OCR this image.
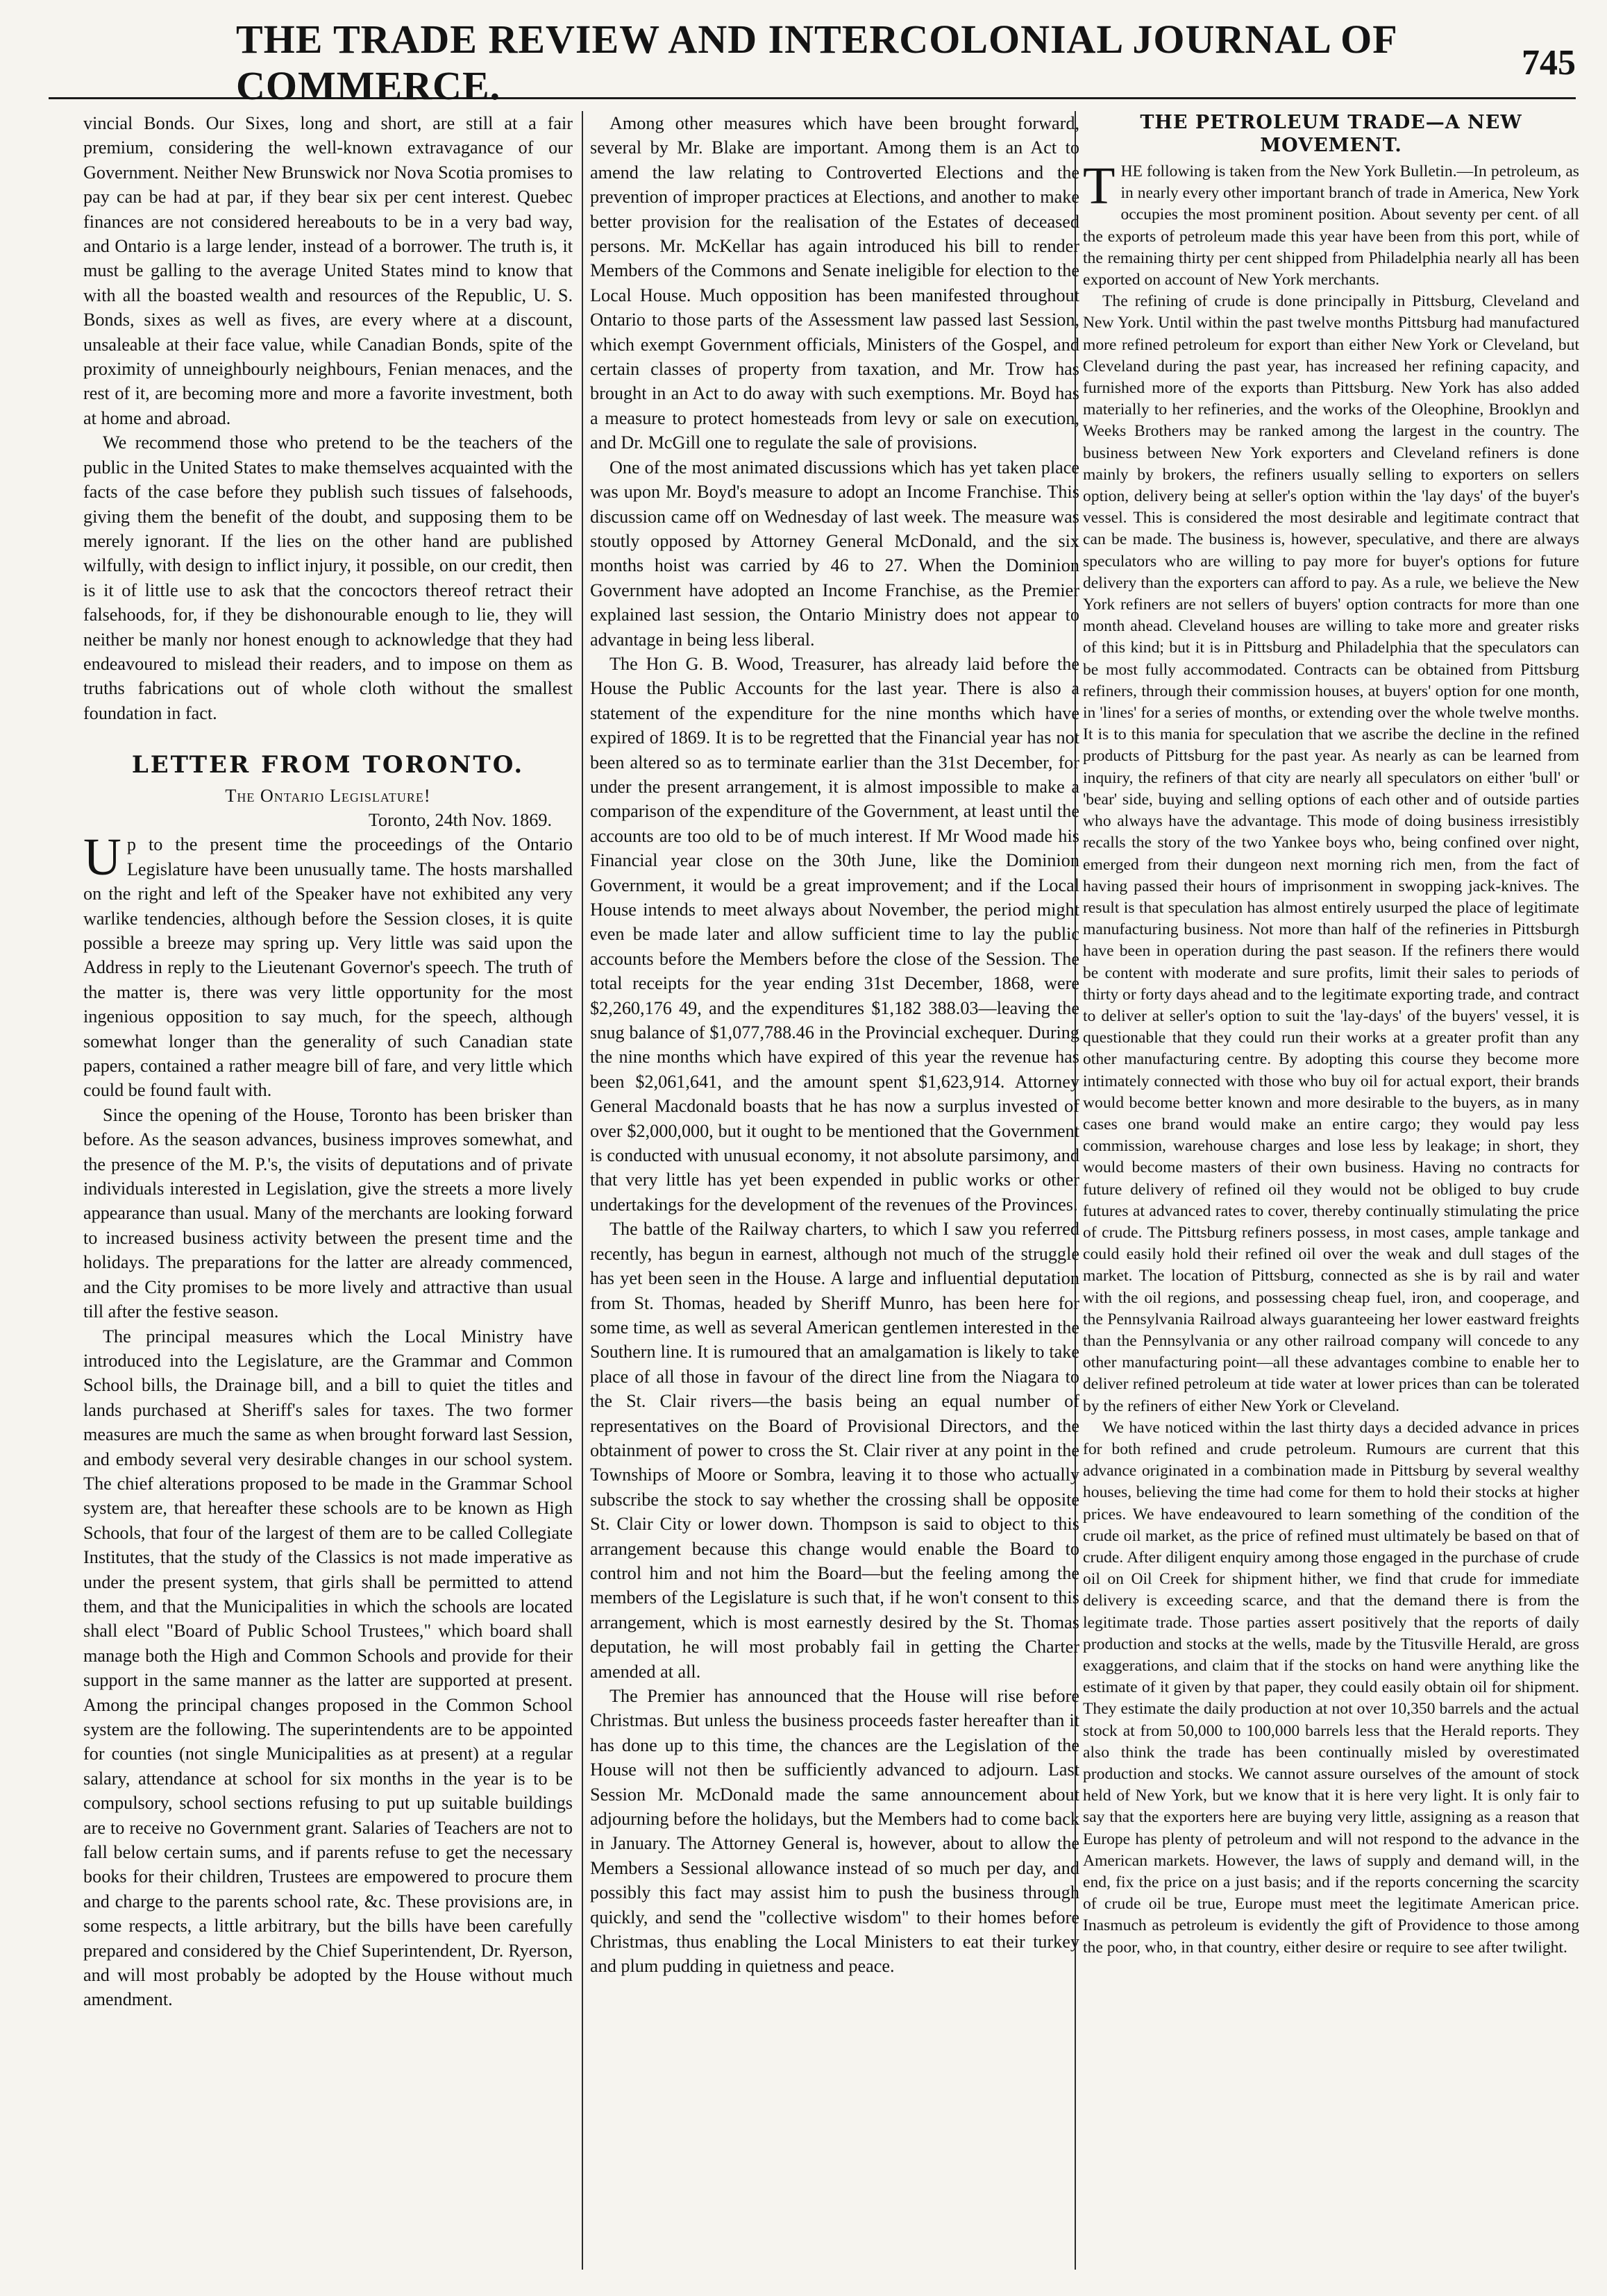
THE TRADE REVIEW AND INTERCOLONIAL JOURNAL OF COMMERCE.
745

vincial Bonds. Our Sixes, long and short, are still at a fair premium, considering the well-known extravagance of our Government. Neither New Brunswick nor Nova Scotia promises to pay can be had at par, if they bear six per cent interest. Quebec finances are not considered hereabouts to be in a very bad way, and Ontario is a large lender, instead of a borrower. The truth is, it must be galling to the average United States mind to know that with all the boasted wealth and resources of the Republic, U. S. Bonds, sixes as well as fives, are every where at a discount, unsaleable at their face value, while Canadian Bonds, spite of the proximity of unneighbourly neighbours, Fenian menaces, and the rest of it, are becoming more and more a favorite investment, both at home and abroad.

We recommend those who pretend to be the teachers of the public in the United States to make themselves acquainted with the facts of the case before they publish such tissues of falsehoods, giving them the benefit of the doubt, and supposing them to be merely ignorant. If the lies on the other hand are published wilfully, with design to inflict injury, it possible, on our credit, then is it of little use to ask that the concoctors thereof retract their falsehoods, for, if they be dishonourable enough to lie, they will neither be manly nor honest enough to acknowledge that they had endeavoured to mislead their readers, and to impose on them as truths fabrications out of whole cloth without the smallest foundation in fact.

LETTER FROM TORONTO.

The Ontario Legislature!

Toronto, 24th Nov. 1869.

Up to the present time the proceedings of the Ontario Legislature have been unusually tame. The hosts marshalled on the right and left of the Speaker have not exhibited any very warlike tendencies, although before the Session closes, it is quite possible a breeze may spring up. Very little was said upon the Address in reply to the Lieutenant Governor's speech. The truth of the matter is, there was very little opportunity for the most ingenious opposition to say much, for the speech, although somewhat longer than the generality of such Canadian state papers, contained a rather meagre bill of fare, and very little which could be found fault with.

Since the opening of the House, Toronto has been brisker than before. As the season advances, business improves somewhat, and the presence of the M. P.'s, the visits of deputations and of private individuals interested in Legislation, give the streets a more lively appearance than usual. Many of the merchants are looking forward to increased business activity between the present time and the holidays. The preparations for the latter are already commenced, and the City promises to be more lively and attractive than usual till after the festive season.

The principal measures which the Local Ministry have introduced into the Legislature, are the Grammar and Common School bills, the Drainage bill, and a bill to quiet the titles and lands purchased at Sheriff's sales for taxes. The two former measures are much the same as when brought forward last Session, and embody several very desirable changes in our school system. The chief alterations proposed to be made in the Grammar School system are, that hereafter these schools are to be known as High Schools, that four of the largest of them are to be called Collegiate Institutes, that the study of the Classics is not made imperative as under the present system, that girls shall be permitted to attend them, and that the Municipalities in which the schools are located shall elect "Board of Public School Trustees," which board shall manage both the High and Common Schools and provide for their support in the same manner as the latter are supported at present. Among the principal changes proposed in the Common School system are the following. The superintendents are to be appointed for counties (not single Municipalities as at present) at a regular salary, attendance at school for six months in the year is to be compulsory, school sections refusing to put up suitable buildings are to receive no Government grant. Salaries of Teachers are not to fall below certain sums, and if parents refuse to get the necessary books for their children, Trustees are empowered to procure them and charge to the parents school rate, &c. These provisions are, in some respects, a little arbitrary, but the bills have been carefully prepared and considered by the Chief Superintendent, Dr. Ryerson, and will most probably be adopted by the House without much amendment.

Among other measures which have been brought forward, several by Mr. Blake are important. Among them is an Act to amend the law relating to Controverted Elections and the prevention of improper practices at Elections, and another to make better provision for the realisation of the Estates of deceased persons. Mr. McKellar has again introduced his bill to render Members of the Commons and Senate ineligible for election to the Local House. Much opposition has been manifested throughout Ontario to those parts of the Assessment law passed last Session, which exempt Government officials, Ministers of the Gospel, and certain classes of property from taxation, and Mr. Trow has brought in an Act to do away with such exemptions. Mr. Boyd has a measure to protect homesteads from levy or sale on execution, and Dr. McGill one to regulate the sale of provisions.

One of the most animated discussions which has yet taken place was upon Mr. Boyd's measure to adopt an Income Franchise. This discussion came off on Wednesday of last week. The measure was stoutly opposed by Attorney General McDonald, and the six months hoist was carried by 46 to 27. When the Dominion Government have adopted an Income Franchise, as the Premier explained last session, the Ontario Ministry does not appear to advantage in being less liberal.

The Hon G. B. Wood, Treasurer, has already laid before the House the Public Accounts for the last year. There is also a statement of the expenditure for the nine months which have expired of 1869. It is to be regretted that the Financial year has not been altered so as to terminate earlier than the 31st December, for under the present arrangement, it is almost impossible to make a comparison of the expenditure of the Government, at least until the accounts are too old to be of much interest. If Mr Wood made his Financial year close on the 30th June, like the Dominion Government, it would be a great improvement; and if the Local House intends to meet always about November, the period might even be made later and allow sufficient time to lay the public accounts before the Members before the close of the Session. The total receipts for the year ending 31st December, 1868, were $2,260,176 49, and the expenditures $1,182 388.03—leaving the snug balance of $1,077,788.46 in the Provincial exchequer. During the nine months which have expired of this year the revenue has been $2,061,641, and the amount spent $1,623,914. Attorney General Macdonald boasts that he has now a surplus invested of over $2,000,000, but it ought to be mentioned that the Government is conducted with unusual economy, it not absolute parsimony, and that very little has yet been expended in public works or other undertakings for the development of the revenues of the Provinces.

The battle of the Railway charters, to which I saw you referred recently, has begun in earnest, although not much of the struggle has yet been seen in the House. A large and influential deputation from St. Thomas, headed by Sheriff Munro, has been here for some time, as well as several American gentlemen interested in the Southern line. It is rumoured that an amalgamation is likely to take place of all those in favour of the direct line from the Niagara to the St. Clair rivers—the basis being an equal number of representatives on the Board of Provisional Directors, and the obtainment of power to cross the St. Clair river at any point in the Townships of Moore or Sombra, leaving it to those who actually subscribe the stock to say whether the crossing shall be opposite St. Clair City or lower down. Thompson is said to object to this arrangement because this change would enable the Board to control him and not him the Board—but the feeling among the members of the Legislature is such that, if he won't consent to this arrangement, which is most earnestly desired by the St. Thomas deputation, he will most probably fail in getting the Charter amended at all.

The Premier has announced that the House will rise before Christmas. But unless the business proceeds faster hereafter than it has done up to this time, the chances are the Legislation of the House will not then be sufficiently advanced to adjourn. Last Session Mr. McDonald made the same announcement about adjourning before the holidays, but the Members had to come back in January. The Attorney General is, however, about to allow the Members a Sessional allowance instead of so much per day, and possibly this fact may assist him to push the business through quickly, and send the "collective wisdom" to their homes before Christmas, thus enabling the Local Ministers to eat their turkey and plum pudding in quietness and peace.

THE PETROLEUM TRADE—A NEW MOVEMENT.

THE following is taken from the New York Bulletin.—In petroleum, as in nearly every other important branch of trade in America, New York occupies the most prominent position. About seventy per cent. of all the exports of petroleum made this year have been from this port, while of the remaining thirty per cent shipped from Philadelphia nearly all has been exported on account of New York merchants.

The refining of crude is done principally in Pittsburg, Cleveland and New York. Until within the past twelve months Pittsburg had manufactured more refined petroleum for export than either New York or Cleveland, but Cleveland during the past year, has increased her refining capacity, and furnished more of the exports than Pittsburg. New York has also added materially to her refineries, and the works of the Oleophine, Brooklyn and Weeks Brothers may be ranked among the largest in the country. The business between New York exporters and Cleveland refiners is done mainly by brokers, the refiners usually selling to exporters on sellers option, delivery being at seller's option within the 'lay days' of the buyer's vessel. This is considered the most desirable and legitimate contract that can be made. The business is, however, speculative, and there are always speculators who are willing to pay more for buyer's options for future delivery than the exporters can afford to pay. As a rule, we believe the New York refiners are not sellers of buyers' option contracts for more than one month ahead. Cleveland houses are willing to take more and greater risks of this kind; but it is in Pittsburg and Philadelphia that the speculators can be most fully accommodated. Contracts can be obtained from Pittsburg refiners, through their commission houses, at buyers' option for one month, in 'lines' for a series of months, or extending over the whole twelve months. It is to this mania for speculation that we ascribe the decline in the refined products of Pittsburg for the past year. As nearly as can be learned from inquiry, the refiners of that city are nearly all speculators on either 'bull' or 'bear' side, buying and selling options of each other and of outside parties who always have the advantage. This mode of doing business irresistibly recalls the story of the two Yankee boys who, being confined over night, emerged from their dungeon next morning rich men, from the fact of having passed their hours of imprisonment in swopping jack-knives. The result is that speculation has almost entirely usurped the place of legitimate manufacturing business. Not more than half of the refineries in Pittsburgh have been in operation during the past season. If the refiners there would be content with moderate and sure profits, limit their sales to periods of thirty or forty days ahead and to the legitimate exporting trade, and contract to deliver at seller's option to suit the 'lay-days' of the buyers' vessel, it is questionable that they could run their works at a greater profit than any other manufacturing centre. By adopting this course they become more intimately connected with those who buy oil for actual export, their brands would become better known and more desirable to the buyers, as in many cases one brand would make an entire cargo; they would pay less commission, warehouse charges and lose less by leakage; in short, they would become masters of their own business. Having no contracts for future delivery of refined oil they would not be obliged to buy crude futures at advanced rates to cover, thereby continually stimulating the price of crude. The Pittsburg refiners possess, in most cases, ample tankage and could easily hold their refined oil over the weak and dull stages of the market. The location of Pittsburg, connected as she is by rail and water with the oil regions, and possessing cheap fuel, iron, and cooperage, and the Pennsylvania Railroad always guaranteeing her lower eastward freights than the Pennsylvania or any other railroad company will concede to any other manufacturing point—all these advantages combine to enable her to deliver refined petroleum at tide water at lower prices than can be tolerated by the refiners of either New York or Cleveland.

We have noticed within the last thirty days a decided advance in prices for both refined and crude petroleum. Rumours are current that this advance originated in a combination made in Pittsburg by several wealthy houses, believing the time had come for them to hold their stocks at higher prices. We have endeavoured to learn something of the condition of the crude oil market, as the price of refined must ultimately be based on that of crude. After diligent enquiry among those engaged in the purchase of crude oil on Oil Creek for shipment hither, we find that crude for immediate delivery is exceeding scarce, and that the demand there is from the legitimate trade. Those parties assert positively that the reports of daily production and stocks at the wells, made by the Titusville Herald, are gross exaggerations, and claim that if the stocks on hand were anything like the estimate of it given by that paper, they could easily obtain oil for shipment. They estimate the daily production at not over 10,350 barrels and the actual stock at from 50,000 to 100,000 barrels less that the Herald reports. They also think the trade has been continually misled by overestimated production and stocks. We cannot assure ourselves of the amount of stock held of New York, but we know that it is here very light. It is only fair to say that the exporters here are buying very little, assigning as a reason that Europe has plenty of petroleum and will not respond to the advance in the American markets. However, the laws of supply and demand will, in the end, fix the price on a just basis; and if the reports concerning the scarcity of crude oil be true, Europe must meet the legitimate American price. Inasmuch as petroleum is evidently the gift of Providence to those among the poor, who, in that country, either desire or require to see after twilight.
